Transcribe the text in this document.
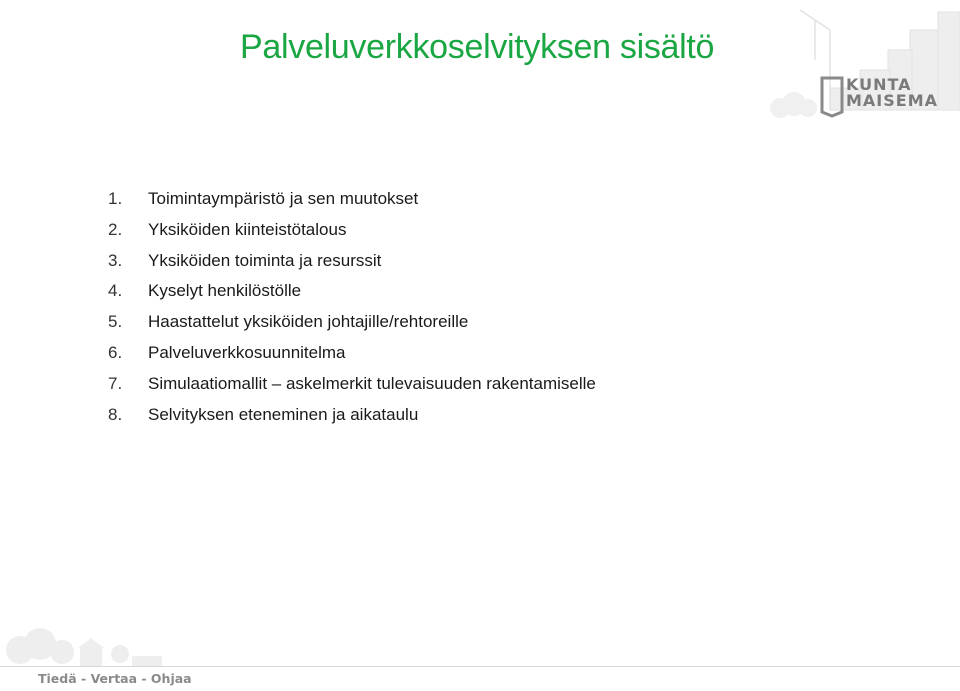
Palveluverkkoselvityksen sisältö
KUNTA
MAISEMA
1. Toimintaympäristö ja sen muutokset
2. Yksiköiden kiinteistötalous
3. Yksiköiden toiminta ja resurssit
4. Kyselyt henkilöstölle
5. Haastattelut yksiköiden johtajille/rehtoreille
6. Palveluverkkosuunnitelma
7. Simulaatiomallit – askelmerkit tulevaisuuden rakentamiselle
8. Selvityksen eteneminen ja aikataulu
Tiedä - Vertaa - Ohjaa
